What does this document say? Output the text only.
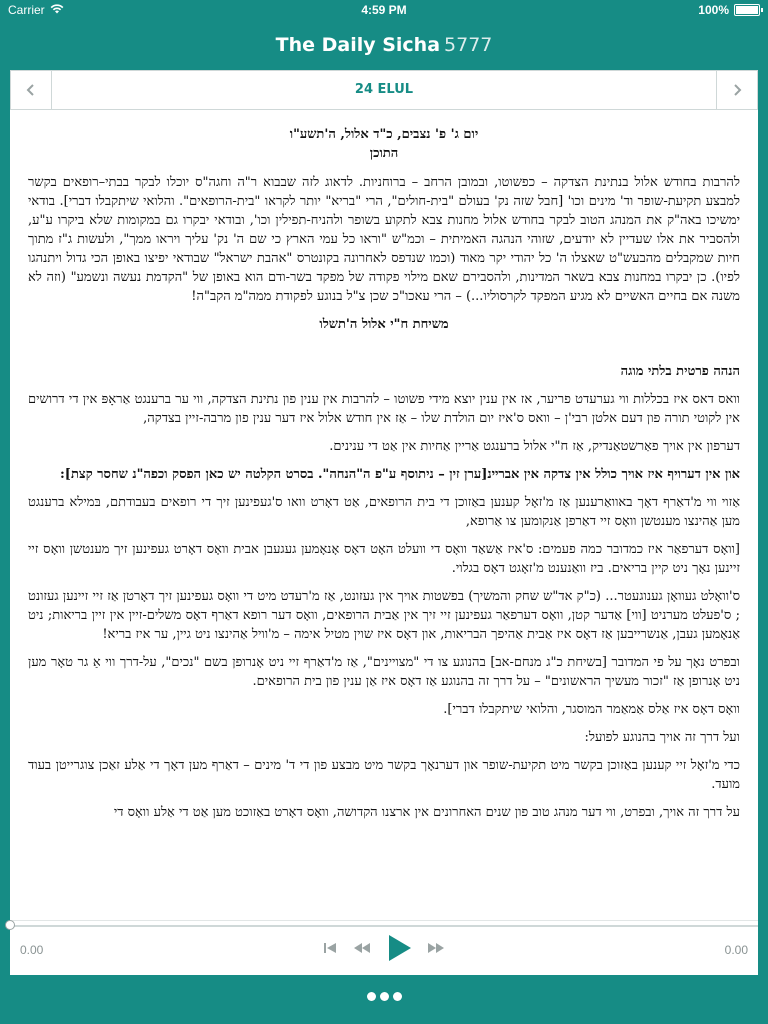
Carrier	4:59 PM	100%
The Daily Sicha 5777
24 ELUL
יום ג' פ' נצבים, כ"ד אלול, ה'תשע"ו
התוכן

להרבות בחודש אלול בנתינת הצדקה – כפשוטו, ובמובן הרחב – ברוחניות. לדאוג לזה שבבוא ר"ה וחגה"ס יוכלו לבקר בבתי–רופאים בקשר למבצע תקיעת-שופר וד' מינים וכו' [חבל שזה נק' בעולם "בית-חולים", הרי "בריא" יותר לקראו "בית-הרופאים". והלואי שיתקבלו דברי]. בודאי ימשיכו באה"ק את המנהג הטוב לבקר בחודש אלול מחנות צבא לתקוע בשופר ולהניח-תפילין וכו', ובודאי יבקרו גם במקומות שלא ביקרו ע"ע, ולהסביר את אלו שעדיין לא יודעים, שזוהי הנהגה האמיתית – וכמ"ש "וראו כל עמי הארץ כי שם ה' נק' עליך ויראו ממך", ולעשות ג"ז מתוך חיות שמקבלים מהבעש"ט שאצלו ה' כל יהודי יקר מאוד (וכמו שנדפס לאחרונה בקונטרס "אהבת ישראל" שבודאי יפיצו באופן הכי גדול ויתנהגו לפיו). כן יבקרו במחנות צבא בשאר המדינות, ולהסבירם שאם מילוי פקודה של מפקד בשר-ודם הוא באופן של "הקדמת נעשה ונשמע" (וזה לא משנה אם בחיים האשיים לא מגיע המפקד לקרסוליו...) – הרי עאכו"כ שכן צ"ל בנוגע לפקודת ממה"מ הקב"ה!

משיחת ח"י אלול ה'תשלו

הנהה פרטית בלתי מוגה

וואס דאס איז בכללות ווי גערעדט פריער, אז אין ענין יוצא מידי פשוטו – להרבות אין ענין פון נתינת הצדקה, ווי ער ברענגט אַראָפּ אין די דרושים אין לקוטי תורה פון דעם אלטן רבי'ן – וואס ס'איז יום הולדת שלו – אַז אין חודש אלול איז דער ענין פון מרבה-זיין בצדקה,

דערפון אין אויך פאַרשטאַנדיק, אַז ח"י אלול ברענגט אַריין אַחיות אין אַט די ענינים.

און אין דערויף איז אויך כולל אין צדקה אין אבריינ[ערן זין – ניתוסף ע"פ ה"הנחה". בסרט הקלטה יש כאן הפסק וכפה"נ שחסר קצת]:

אַזוי ווי מ'דאַרף דאָך באוואַרענען אַז מ'זאָל קענען באַזוכן די בית הרופאים, אַט דאָרט וואו ס'געפינען זיך די רופאים בעבודתם, בּמילא ברענגט מען אַהינצו מענטשן וואָס זיי דאַרפן אַנקומען צו אַרופא,

[וואָס דערפאַר איז כמדובר כמה פעמים: ס'איז אַשאַד וואָס די וועלט האָט דאָס אָנאָמען געגעבן אבית וואָס דאָרט געפינען זיך מענטשן וואָס זיי זיינען נאָך ניט קיין בריאים. ביז וואַנענט מ'זאָגט דאָס בגלוי.

ס'וואָלט געוואָן גענוגעטר... (כ"ק אד"ש שחק והמשיך) בפשטות אויך אין געזונט, אַז מ'רעדט מיט די וואָס געפינען זיך דאָרטן אַז זיי זיינען געזונט ; ס'פעלט מערניט [ווי] אַדער קטן, וואָס דערפאַר געפינען זיי זיך אין אַבית הרופאים, וואָס דער רופא דאַרף דאָס משלים-זיין אין זיין בריאות; ניט אַנאָמען געבן, אַנשרייבען אַז דאָס איז אַבית אַהיפך הבריאות, און דאָס איז שוין מטיל אימה – מ'וויל אַהינצו ניט גיין, ער איז בריא!

ובפרט נאָך על פי המדובר [בשיחת כ"ג מנחם-אב] בהנוגע צו די "מצויינים", אַז מ'דאַרף זיי ניט אָנרופן בשם "נכים", על-דרך ווי אַ גר טאָר מען ניט אָנרופן אַז "זכור מעשיך הראשונים" – על דרך זה בהנוגע אַז דאָס איז אַן ענין פון בית הרופאים.

וואָס דאָס איז אַלס אַמאַמר המוסגר, והלואי שיתקבלו דברי].

ועל דרך זה אויך בהנוגע לפועל:

כדי מ'זאָל זיי קענען באַזוכן בקשר מיט תקיעת-שופר און דערנאָך בקשר מיט מבצע פון די ד' מינים – דאַרף מען דאָך די אַלע זאַכן צוגרייטן בעוד מועד.

על דרך זה אויך, ובפרט, ווי דער מנהג טוב פון שנים האחרונים אין ארצנו הקדושה, וואָס דאָרט באַזוכט מען אַט די אַלע וואָס די

0.00	0.00
